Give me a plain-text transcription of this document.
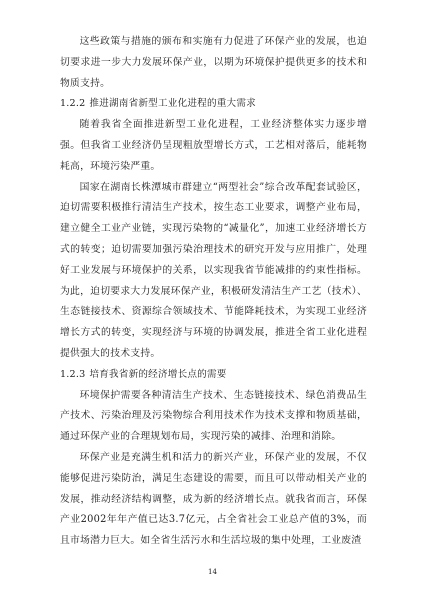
这些政策与措施的颁布和实施有力促进了环保产业的发展，也迫切要求进一步大力发展环保产业，以期为环境保护提供更多的技术和物质支持。

1.2.2 推进湖南省新型工业化进程的重大需求

随着我省全面推进新型工业化进程，工业经济整体实力逐步增强。但我省工业经济仍呈现粗放型增长方式，工艺相对落后，能耗物耗高，环境污染严重。

国家在湖南长株潭城市群建立“两型社会”综合改革配套试验区，迫切需要积极推行清洁生产技术，按生态工业要求，调整产业布局，建立健全工业产业链，实现污染物的“减量化”，加速工业经济增长方式的转变；迫切需要加强污染治理技术的研究开发与应用推广，处理好工业发展与环境保护的关系，以实现我省节能减排的约束性指标。为此，迫切要求大力发展环保产业，积极研发清洁生产工艺（技术）、生态链接技术、资源综合领域技术、节能降耗技术，为实现工业经济增长方式的转变，实现经济与环境的协调发展，推进全省工业化进程提供强大的技术支持。

1.2.3 培育我省新的经济增长点的需要

环境保护需要各种清洁生产技术、生态链接技术、绿色消费品生产技术、污染治理及污染物综合利用技术作为技术支撑和物质基础，通过环保产业的合理规划布局，实现污染的减排、治理和消除。

环保产业是充满生机和活力的新兴产业，环保产业的发展，不仅能够促进污染防治，满足生态建设的需要，而且可以带动相关产业的发展，推动经济结构调整，成为新的经济增长点。就我省而言，环保产业2002年年产值已达3.7亿元，占全省社会工业总产值的3%，而且市场潜力巨大。如全省生活污水和生活垃圾的集中处理，工业废渣

14
